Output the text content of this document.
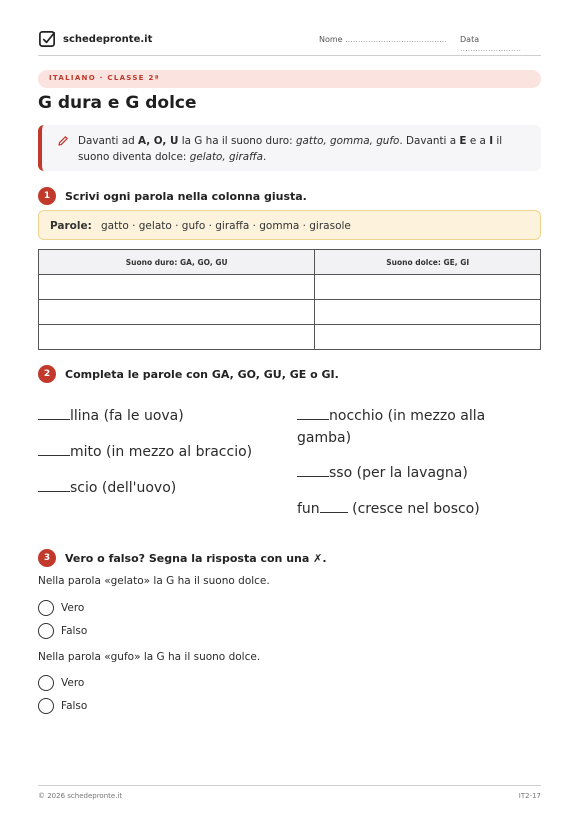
schedepronte.it	Nome ........................................ Data ........................
ITALIANO · CLASSE 2ª
G dura e G dolce
Davanti ad A, O, U la G ha il suono duro: gatto, gomma, gufo. Davanti a E e a I il suono diventa dolce: gelato, giraffa.
1	Scrivi ogni parola nella colonna giusta.
Parole: gatto · gelato · gufo · giraffa · gomma · girasole
Suono duro: GA, GO, GU	Suono dolce: GE, GI

2	Completa le parole con GA, GO, GU, GE o GI.
llina (fa le uova)
mito (in mezzo al braccio)
scio (dell'uovo)
nocchio (in mezzo alla gamba)
sso (per la lavagna)
fun (cresce nel bosco)
3	Vero o falso? Segna la risposta con una ✗.
Nella parola «gelato» la G ha il suono dolce.
Vero
Falso
Nella parola «gufo» la G ha il suono dolce.
Vero
Falso
© 2026 schedepronte.it	IT2-17
